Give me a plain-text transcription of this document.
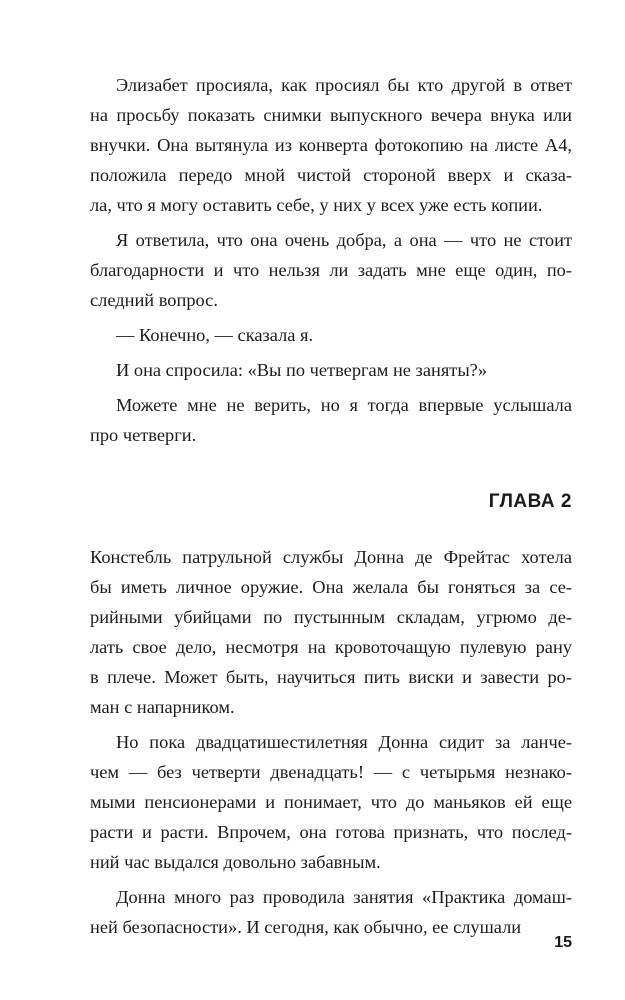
Элизабет просияла, как просиял бы кто другой в ответ
на просьбу показать снимки выпускного вечера внука или
внучки. Она вытянула из конверта фотокопию на листе А4,
положила передо мной чистой стороной вверх и сказа-
ла, что я могу оставить себе, у них у всех уже есть копии.
Я ответила, что она очень добра, а она — что не стоит
благодарности и что нельзя ли задать мне еще один, по-
следний вопрос.
— Конечно, — сказала я.
И она спросила: «Вы по четвергам не заняты?»
Можете мне не верить, но я тогда впервые услышала
про четверги.
ГЛАВА 2
Констебль патрульной службы Донна де Фрейтас хотела
бы иметь личное оружие. Она желала бы гоняться за се-
рийными убийцами по пустынным складам, угрюмо де-
лать свое дело, несмотря на кровоточащую пулевую рану
в плече. Может быть, научиться пить виски и завести ро-
ман с напарником.
Но пока двадцатишестилетняя Донна сидит за ланче-
чем — без четверти двенадцать! — с четырьмя незнако-
мыми пенсионерами и понимает, что до маньяков ей еще
расти и расти. Впрочем, она готова признать, что послед-
ний час выдался довольно забавным.
Донна много раз проводила занятия «Практика домаш-
ней безопасности». И сегодня, как обычно, ее слушали
15
